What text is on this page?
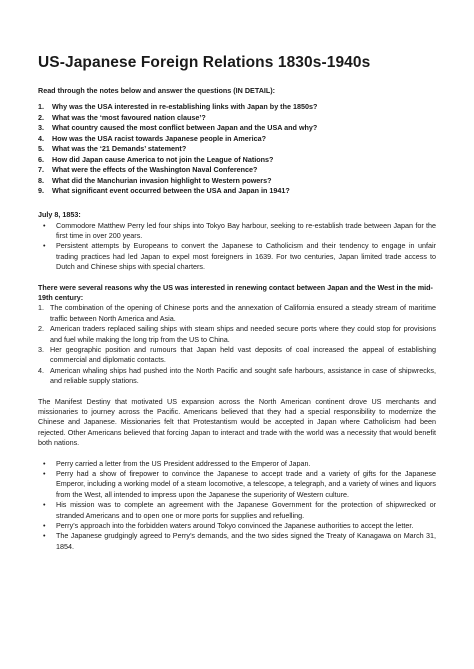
US-Japanese Foreign Relations 1830s-1940s

Read through the notes below and answer the questions (IN DETAIL):

1.	Why was the USA interested in re-establishing links with Japan by the 1850s?
2.	What was the ‘most favoured nation clause’?
3.	What country caused the most conflict between Japan and the USA and why?
4.	How was the USA racist towards Japanese people in America?
5.	What was the ‘21 Demands’ statement?
6.	How did Japan cause America to not join the League of Nations?
7.	What were the effects of the Washington Naval Conference?
8.	What did the Manchurian invasion highlight to Western powers?
9.	What significant event occurred between the USA and Japan in 1941?

July 8, 1853:

•	Commodore Matthew Perry led four ships into Tokyo Bay harbour, seeking to re-establish trade between Japan for the first time in over 200 years.
•	Persistent attempts by Europeans to convert the Japanese to Catholicism and their tendency to engage in unfair trading practices had led Japan to expel most foreigners in 1639. For two centuries, Japan limited trade access to Dutch and Chinese ships with special charters.

There were several reasons why the US was interested in renewing contact between Japan and the West in the mid-19th century:

1. The combination of the opening of Chinese ports and the annexation of California ensured a steady stream of maritime traffic between North America and Asia.
2. American traders replaced sailing ships with steam ships and needed secure ports where they could stop for provisions and fuel while making the long trip from the US to China.
3. Her geographic position and rumours that Japan held vast deposits of coal increased the appeal of establishing commercial and diplomatic contacts.
4. American whaling ships had pushed into the North Pacific and sought safe harbours, assistance in case of shipwrecks, and reliable supply stations.

The Manifest Destiny that motivated US expansion across the North American continent drove US merchants and missionaries to journey across the Pacific. Americans believed that they had a special responsibility to modernize the Chinese and Japanese. Missionaries felt that Protestantism would be accepted in Japan where Catholicism had been rejected. Other Americans believed that forcing Japan to interact and trade with the world was a necessity that would benefit both nations.

•	Perry carried a letter from the US President addressed to the Emperor of Japan.
•	Perry had a show of firepower to convince the Japanese to accept trade and a variety of gifts for the Japanese Emperor, including a working model of a steam locomotive, a telescope, a telegraph, and a variety of wines and liquors from the West, all intended to impress upon the Japanese the superiority of Western culture.
•	His mission was to complete an agreement with the Japanese Government for the protection of shipwrecked or stranded Americans and to open one or more ports for supplies and refuelling.
•	Perry’s approach into the forbidden waters around Tokyo convinced the Japanese authorities to accept the letter.
•	The Japanese grudgingly agreed to Perry’s demands, and the two sides signed the Treaty of Kanagawa on March 31, 1854.
